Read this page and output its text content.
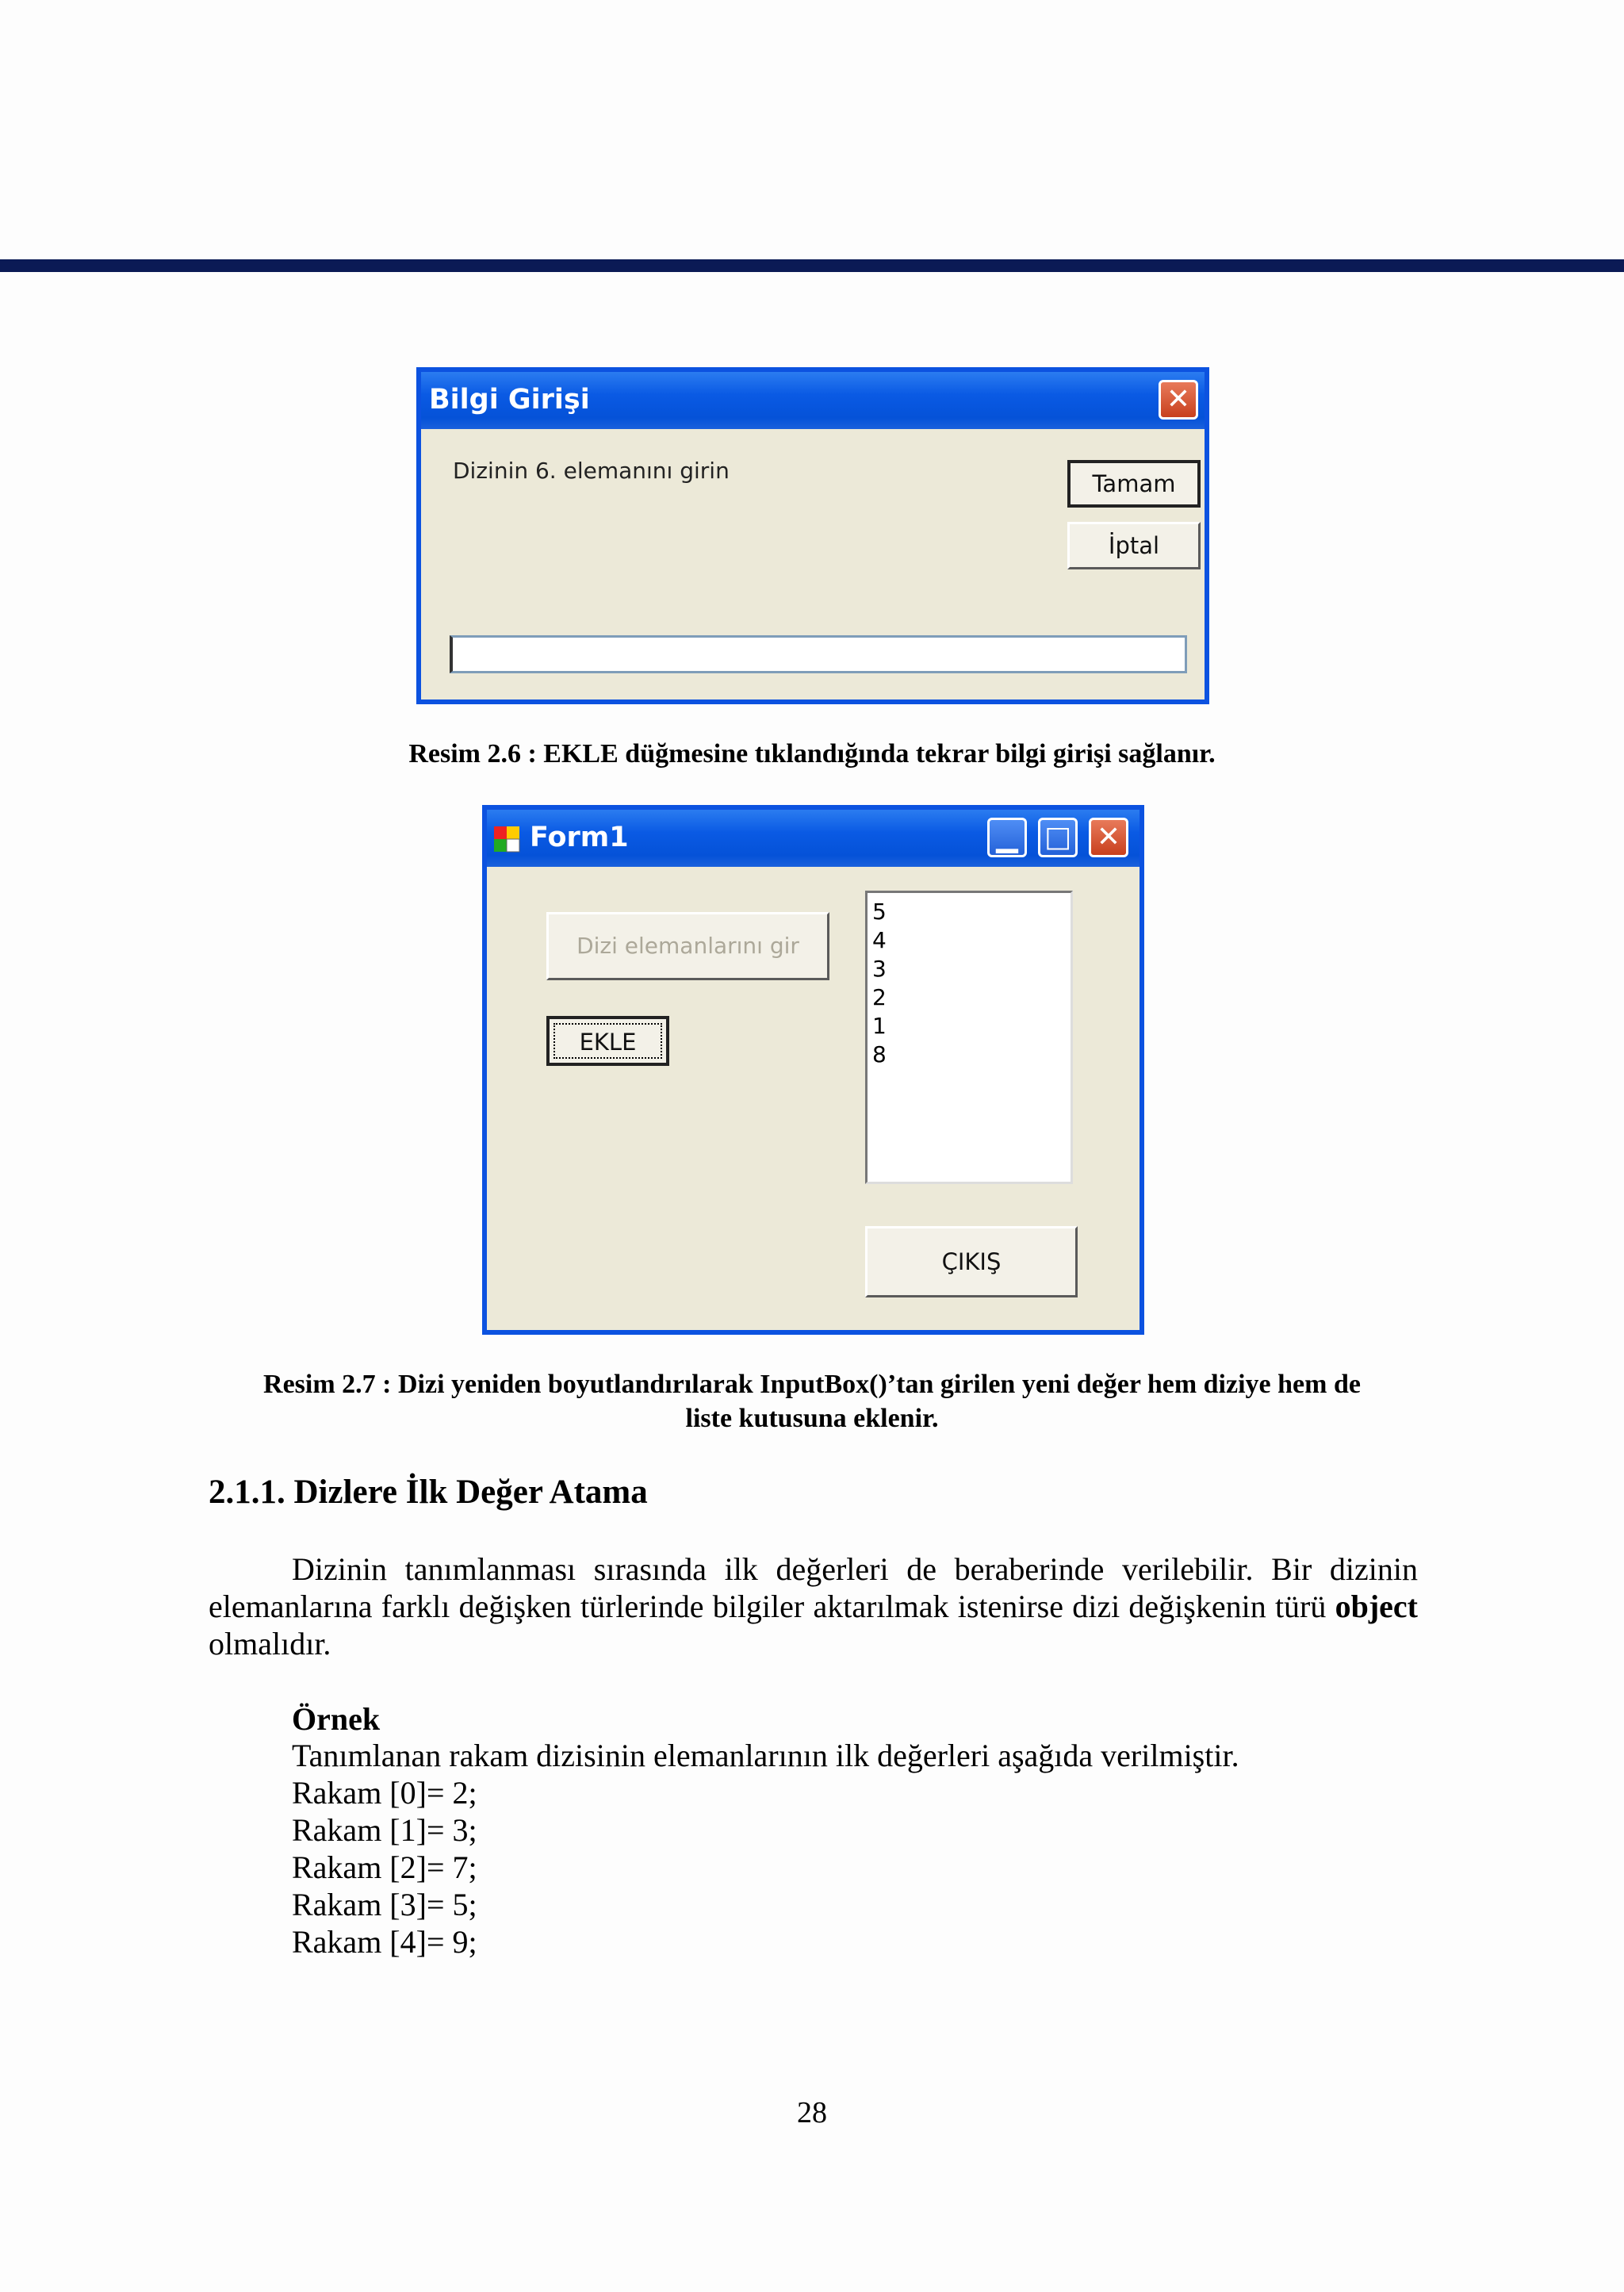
Bilgi Girişi	✕
Dizinin 6. elemanını girin	Tamam
İptal
Resim 2.6 : EKLE düğmesine tıklandığında tekrar bilgi girişi sağlanır.
Form1	▁ □ ✕
Dizi elemanlarını gir
EKLE
5
4
3
2
1
8
ÇIKIŞ
Resim 2.7 : Dizi yeniden boyutlandırılarak InputBox()’tan girilen yeni değer hem diziye hem de
liste kutusuna eklenir.
2.1.1. Dizlere İlk Değer Atama
Dizinin tanımlanması sırasında ilk değerleri de beraberinde verilebilir. Bir dizinin elemanlarına farklı değişken türlerinde bilgiler aktarılmak istenirse dizi değişkenin türü object olmalıdır.
Örnek
Tanımlanan rakam dizisinin elemanlarının ilk değerleri aşağıda verilmiştir.
Rakam [0]= 2;
Rakam [1]= 3;
Rakam [2]= 7;
Rakam [3]= 5;
Rakam [4]= 9;
28
